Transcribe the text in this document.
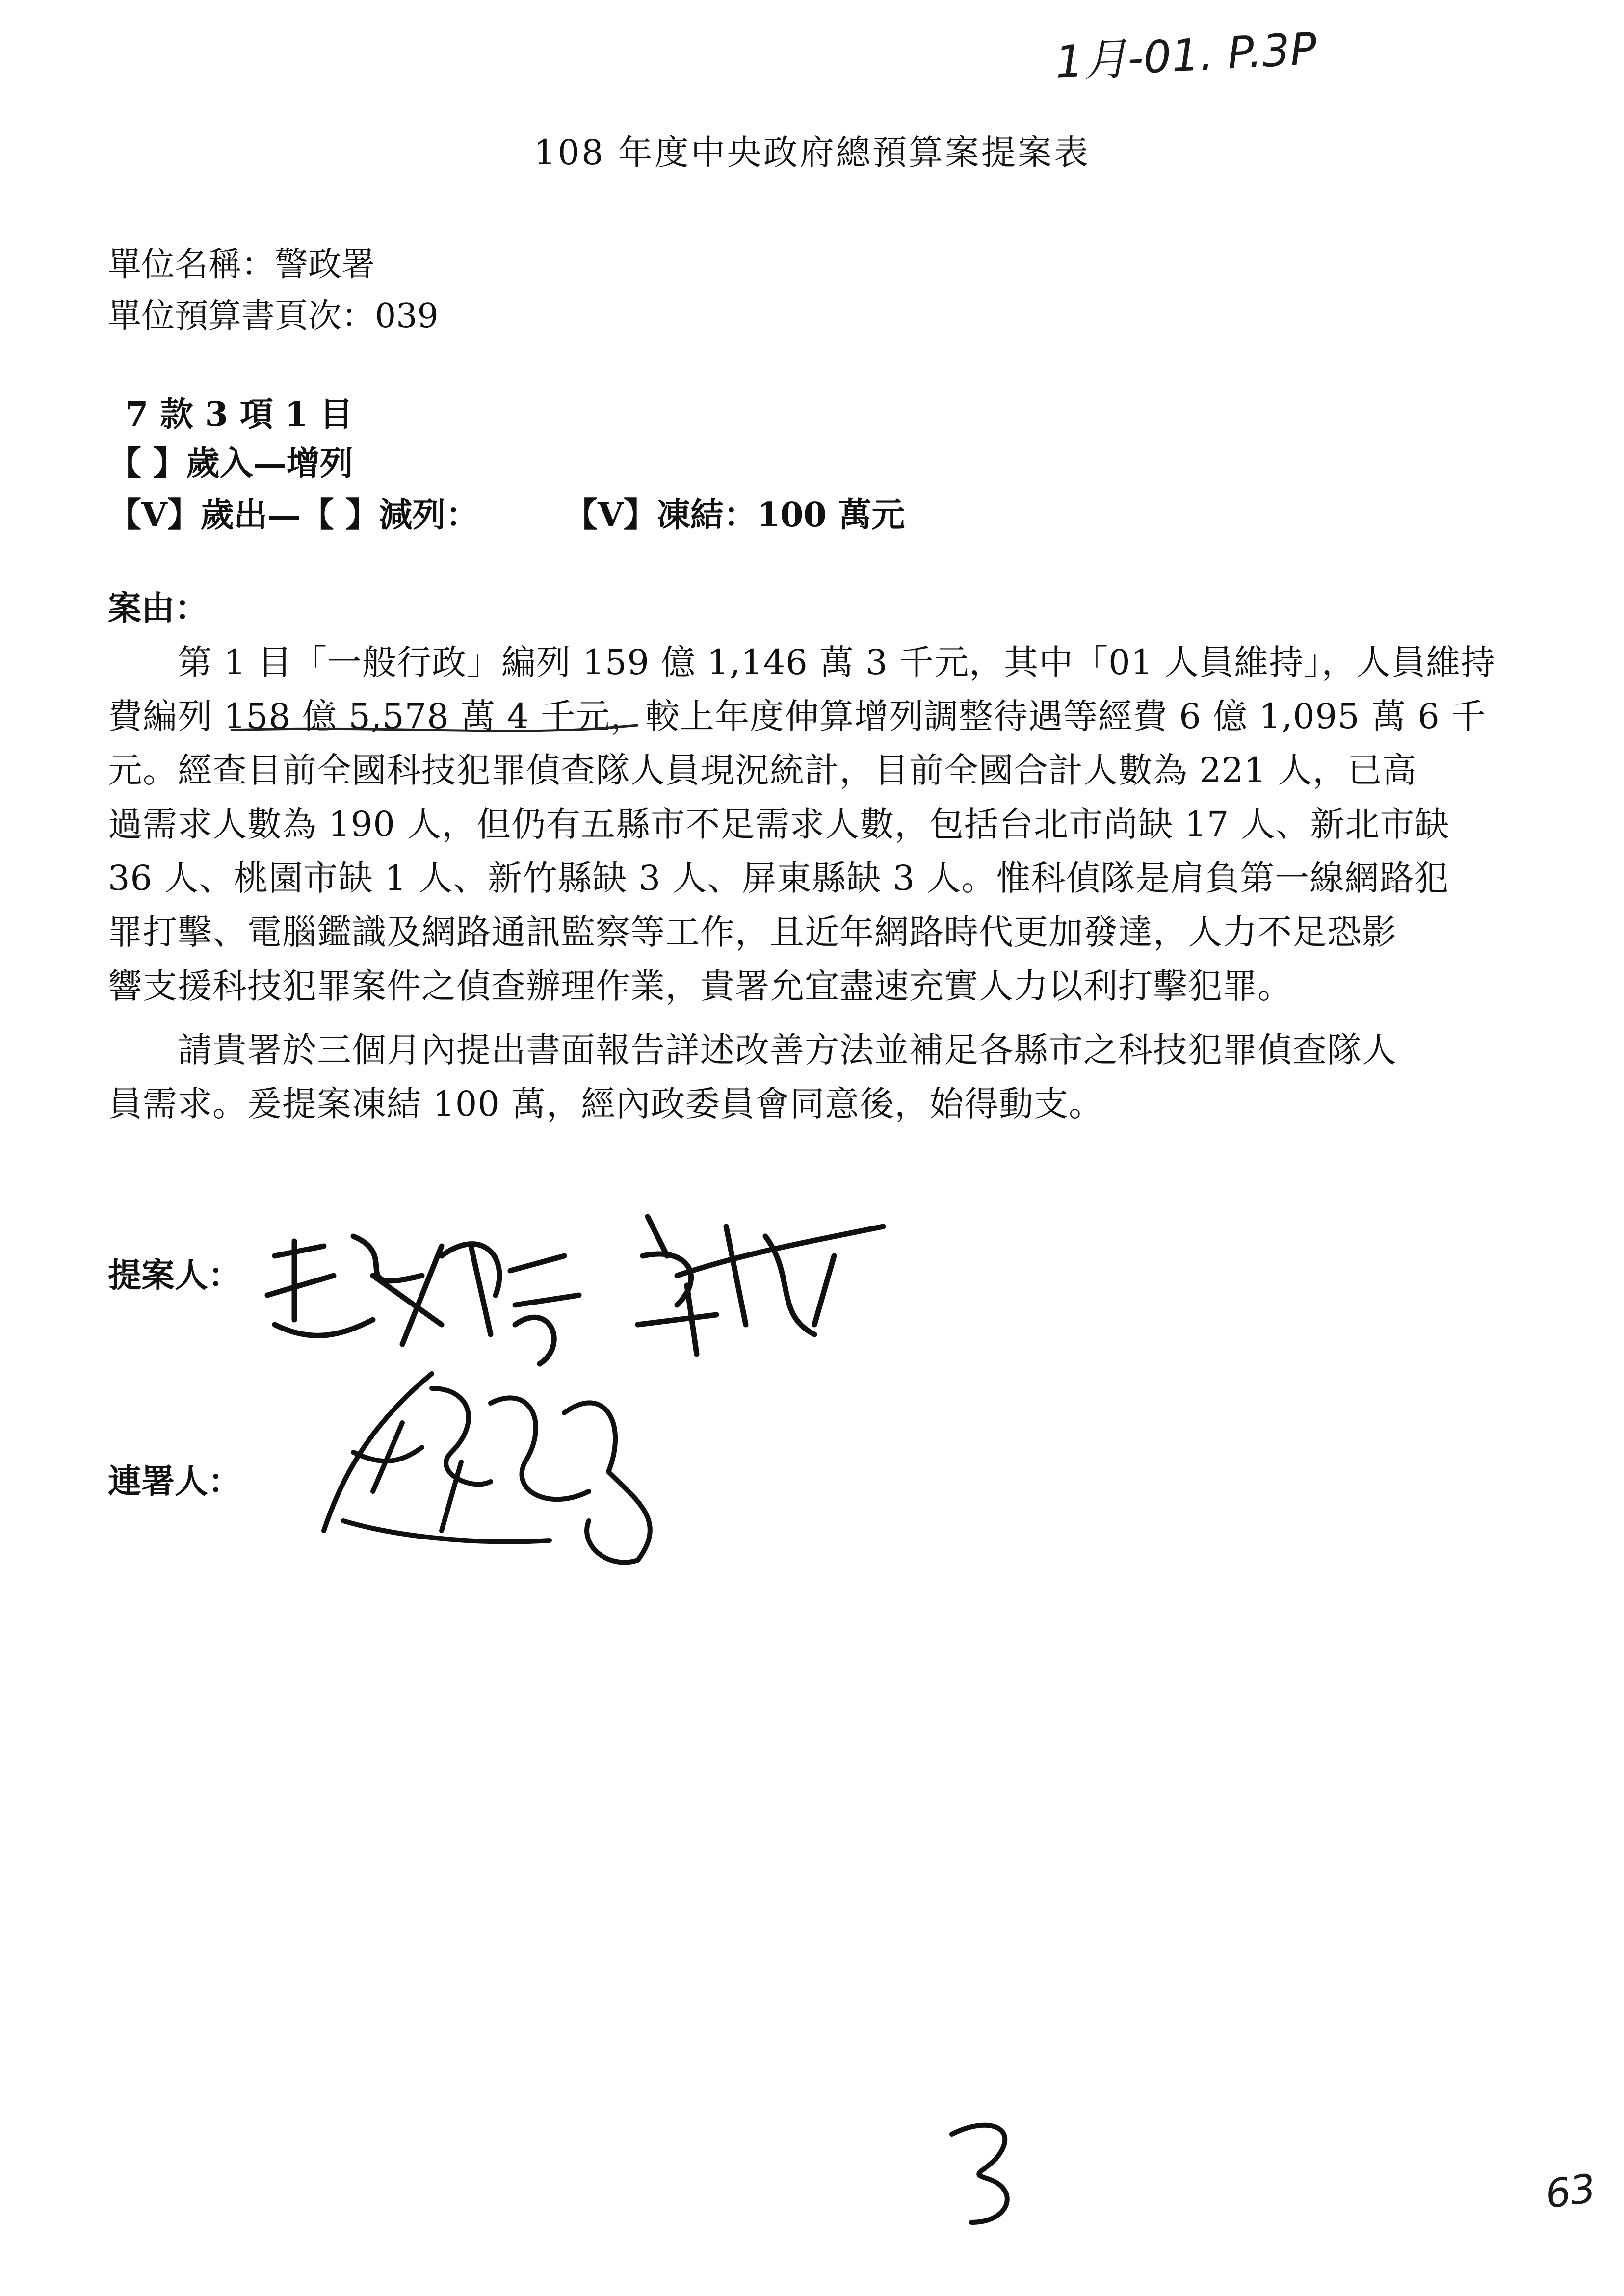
1月-01. P.3P
108 年度中央政府總預算案提案表
單位名稱：警政署
單位預算書頁次：039
7 款 3 項 1 目
【 】歲入—增列
【V】歲出—【 】減列：	【V】凍結：100 萬元
案由：
　　第 1 目「一般行政」編列 159 億 1,146 萬 3 千元，其中「01 人員維持」，人員維持
費編列 158 億 5,578 萬 4 千元，較上年度伸算增列調整待遇等經費 6 億 1,095 萬 6 千
元。經查目前全國科技犯罪偵查隊人員現況統計，目前全國合計人數為 221 人，已高
過需求人數為 190 人，但仍有五縣市不足需求人數，包括台北市尚缺 17 人、新北市缺
36 人、桃園市缺 1 人、新竹縣缺 3 人、屏東縣缺 3 人。惟科偵隊是肩負第一線網路犯
罪打擊、電腦鑑識及網路通訊監察等工作，且近年網路時代更加發達，人力不足恐影
響支援科技犯罪案件之偵查辦理作業，貴署允宜盡速充實人力以利打擊犯罪。
　　請貴署於三個月內提出書面報告詳述改善方法並補足各縣市之科技犯罪偵查隊人
員需求。爰提案凍結 100 萬，經內政委員會同意後，始得動支。
提案人：
連署人：
63
